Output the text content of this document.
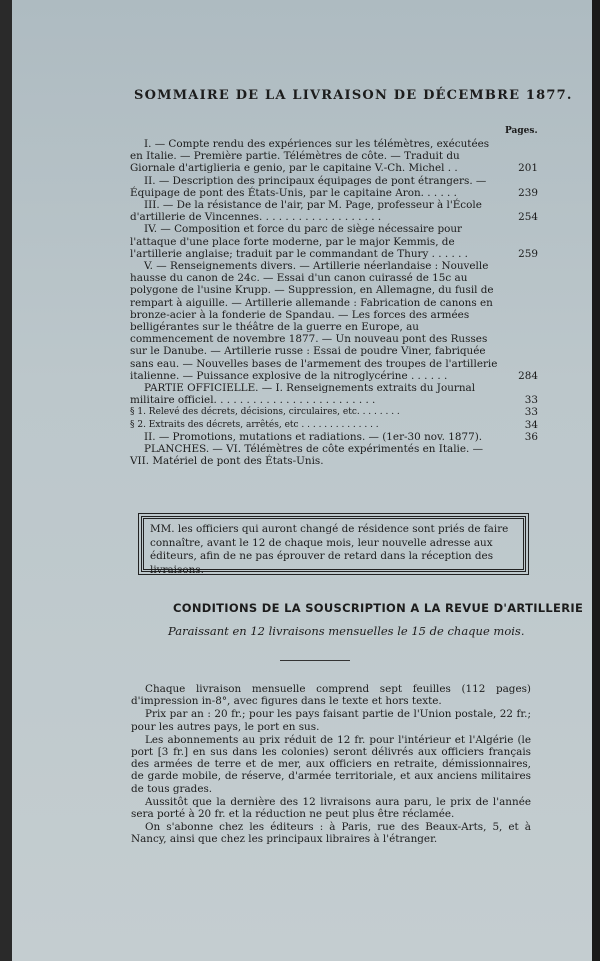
SOMMAIRE DE LA LIVRAISON DE DÉCEMBRE 1877.
Pages.

I. — Compte rendu des expériences sur les télémètres, exécutées en Italie. — Première partie. Télémètres de côte. — Traduit du Giornale d'artiglieria e genio, par le capitaine V.-Ch. Michel . .	201

II. — Description des principaux équipages de pont étrangers. — Équipage de pont des États-Unis, par le capitaine Aron. . . . . .	239

III. — De la résistance de l'air, par M. Page, professeur à l'École d'artillerie de Vincennes. . . . . . . . . . . . . . . . . . .	254

IV. — Composition et force du parc de siège nécessaire pour l'attaque d'une place forte moderne, par le major Kemmis, de l'artillerie anglaise; traduit par le commandant de Thury . . . . . .	259

V. — Renseignements divers. — Artillerie néerlandaise : Nouvelle hausse du canon de 24c. — Essai d'un canon cuirassé de 15c au polygone de l'usine Krupp. — Suppression, en Allemagne, du fusil de rempart à aiguille. — Artillerie allemande : Fabrication de canons en bronze-acier à la fonderie de Spandau. — Les forces des armées belligérantes sur le théâtre de la guerre en Europe, au commencement de novembre 1877. — Un nouveau pont des Russes sur le Danube. — Artillerie russe : Essai de poudre Viner, fabriquée sans eau. — Nouvelles bases de l'armement des troupes de l'artillerie italienne. — Puissance explosive de la nitroglycérine . . . . . .	284

PARTIE OFFICIELLE. — I. Renseignements extraits du Journal militaire officiel. . . . . . . . . . . . . . . . . . . . . . . . .	33

§ 1. Relevé des décrets, décisions, circulaires, etc. . . . . . . .	33

§ 2. Extraits des décrets, arrêtés, etc . . . . . . . . . . . . . .	34

II. — Promotions, mutations et radiations. — (1er-30 nov. 1877).	36

PLANCHES. — VI. Télémètres de côte expérimentés en Italie. — VII. Matériel de pont des États-Unis.

MM. les officiers qui auront changé de résidence sont priés de faire connaître, avant le 12 de chaque mois, leur nouvelle adresse aux éditeurs, afin de ne pas éprouver de retard dans la réception des livraisons.
CONDITIONS DE LA SOUSCRIPTION A LA REVUE D'ARTILLERIE
Paraissant en 12 livraisons mensuelles le 15 de chaque mois.

Chaque livraison mensuelle comprend sept feuilles (112 pages) d'impression in-8°, avec figures dans le texte et hors texte.

Prix par an : 20 fr.; pour les pays faisant partie de l'Union postale, 22 fr.; pour les autres pays, le port en sus.

Les abonnements au prix réduit de 12 fr. pour l'intérieur et l'Algérie (le port [3 fr.] en sus dans les colonies) seront délivrés aux officiers français des armées de terre et de mer, aux officiers en retraite, démissionnaires, de garde mobile, de réserve, d'armée territoriale, et aux anciens militaires de tous grades.

Aussitôt que la dernière des 12 livraisons aura paru, le prix de l'année sera porté à 20 fr. et la réduction ne peut plus être réclamée.

On s'abonne chez les éditeurs : à Paris, rue des Beaux-Arts, 5, et à Nancy, ainsi que chez les principaux libraires à l'étranger.
